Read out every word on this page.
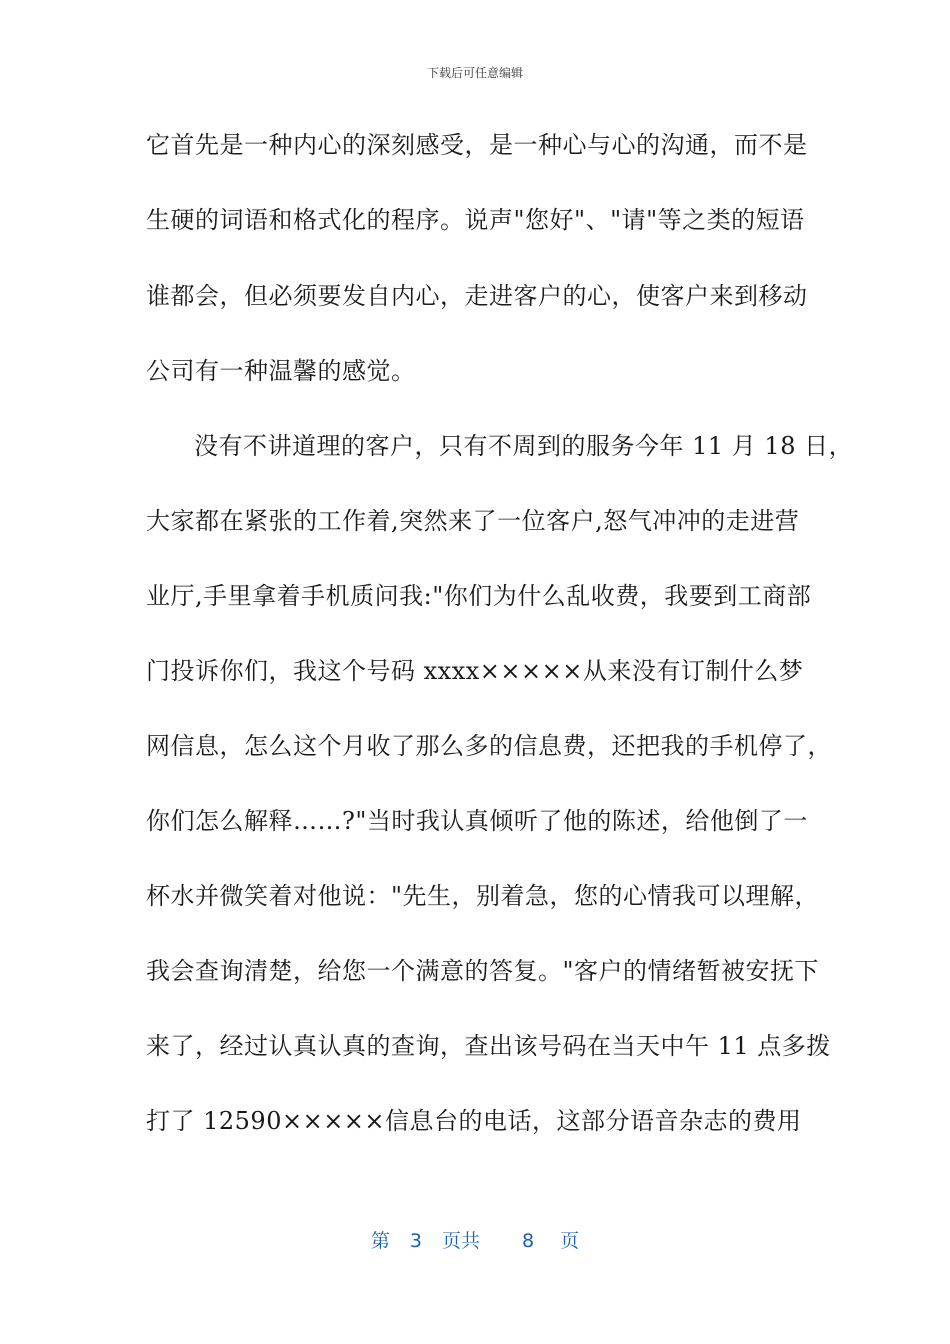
下载后可任意编辑
它首先是一种内心的深刻感受，是一种心与心的沟通，而不是
生硬的词语和格式化的程序。说声"您好"、"请"等之类的短语
谁都会，但必须要发自内心，走进客户的心，使客户来到移动
公司有一种温馨的感觉。
没有不讲道理的客户，只有不周到的服务今年 11 月 18 日，
大家都在紧张的工作着,突然来了一位客户,怒气冲冲的走进营
业厅,手里拿着手机质问我:"你们为什么乱收费，我要到工商部
门投诉你们，我这个号码 xxxx×××××从来没有订制什么梦
网信息，怎么这个月收了那么多的信息费，还把我的手机停了，
你们怎么解释……?"当时我认真倾听了他的陈述，给他倒了一
杯水并微笑着对他说："先生，别着急，您的心情我可以理解，
我会查询清楚，给您一个满意的答复。"客户的情绪暂被安抚下
来了，经过认真认真的查询，查出该号码在当天中午 11 点多拨
打了 12590×××××信息台的电话，这部分语音杂志的费用
第 3 页共 8 页
